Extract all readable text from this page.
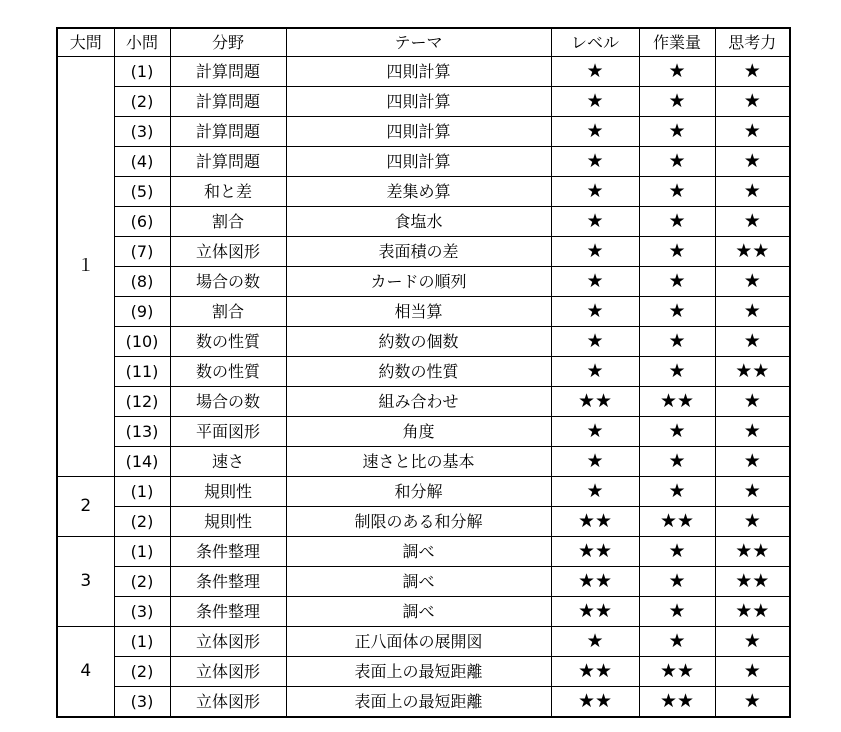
大問	小問	分野	テーマ	レベル	作業量	思考力
１	(1)	計算問題	四則計算	★	★	★
	(2)	計算問題	四則計算	★	★	★
	(3)	計算問題	四則計算	★	★	★
	(4)	計算問題	四則計算	★	★	★
	(5)	和と差	差集め算	★	★	★
	(6)	割合	食塩水	★	★	★
	(7)	立体図形	表面積の差	★	★	★★
	(8)	場合の数	カードの順列	★	★	★
	(9)	割合	相当算	★	★	★
	(10)	数の性質	約数の個数	★	★	★
	(11)	数の性質	約数の性質	★	★	★★
	(12)	場合の数	組み合わせ	★★	★★	★
	(13)	平面図形	角度	★	★	★
	(14)	速さ	速さと比の基本	★	★	★
2	(1)	規則性	和分解	★	★	★
	(2)	規則性	制限のある和分解	★★	★★	★
3	(1)	条件整理	調べ	★★	★	★★
	(2)	条件整理	調べ	★★	★	★★
	(3)	条件整理	調べ	★★	★	★★
4	(1)	立体図形	正八面体の展開図	★	★	★
	(2)	立体図形	表面上の最短距離	★★	★★	★
	(3)	立体図形	表面上の最短距離	★★	★★	★
